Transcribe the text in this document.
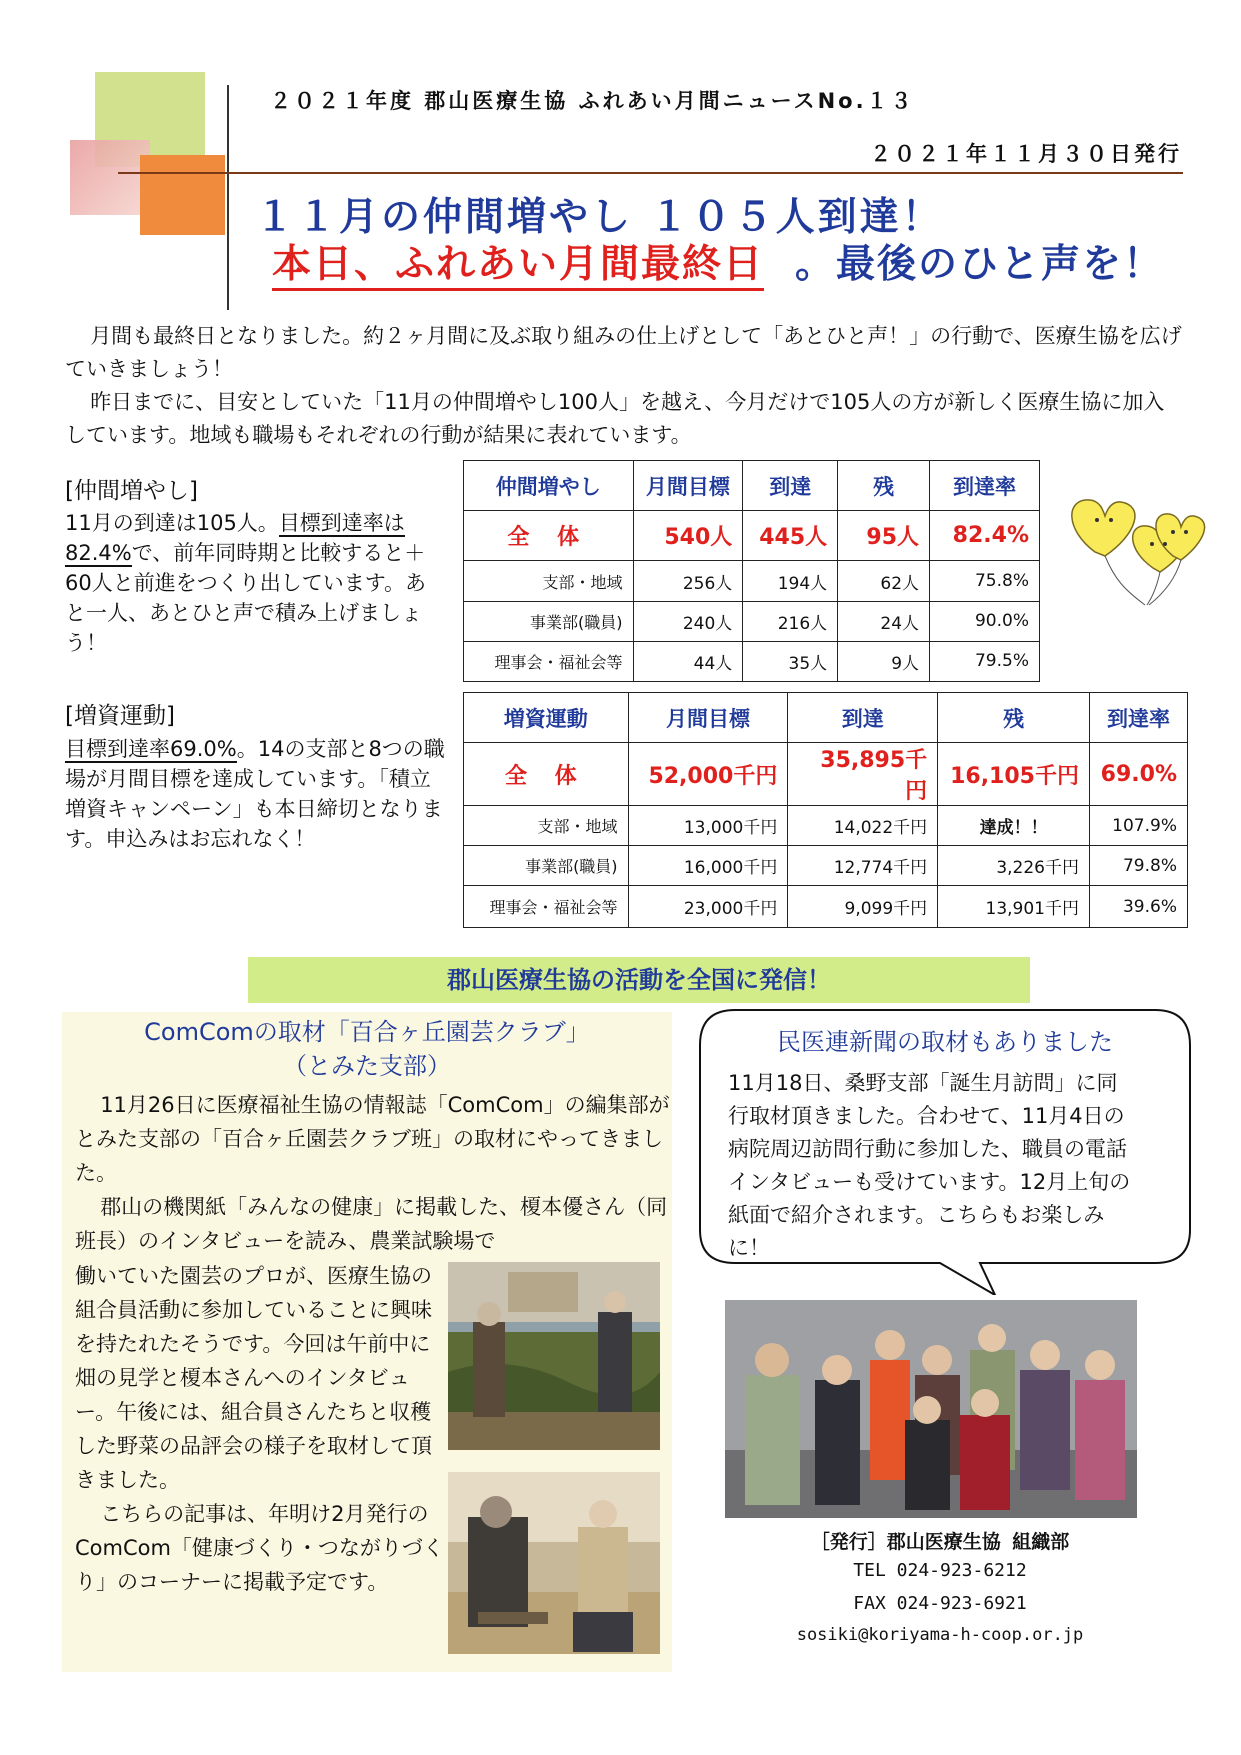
２０２１年度 郡山医療生協 ふれあい月間ニュースNo.１３
２０２１年１１月３０日発行
１１月の仲間増やし １０５人到達！
本日、ふれあい月間最終日 。最後のひと声を！

月間も最終日となりました。約２ヶ月間に及ぶ取り組みの仕上げとして「あとひと声！」の行動で、医療生協を広げていきましょう！

昨日までに、目安としていた「11月の仲間増やし100人」を越え、今月だけで105人の方が新しく医療生協に加入しています。地域も職場もそれぞれの行動が結果に表れています。

[仲間増やし]
11月の到達は105人。目標到達率は82.4%で、前年同時期と比較すると＋60人と前進をつくり出しています。あと一人、あとひと声で積み上げましょう！
仲間増やし	月間目標	到達	残	到達率
全 体	540人	445人	95人	82.4%
支部・地域	256人	194人	62人	75.8%
事業部(職員)	240人	216人	24人	90.0%
理事会・福祉会等	44人	35人	9人	79.5%
[増資運動]
目標到達率69.0%。14の支部と8つの職場が月間目標を達成しています。「積立増資キャンペーン」も本日締切となります。申込みはお忘れなく！
増資運動	月間目標	到達	残	到達率
全 体	52,000千円	35,895千円	16,105千円	69.0%
支部・地域	13,000千円	14,022千円	達成！！	107.9%
事業部(職員)	16,000千円	12,774千円	3,226千円	79.8%
理事会・福祉会等	23,000千円	9,099千円	13,901千円	39.6%
郡山医療生協の活動を全国に発信！
ComComの取材「百合ヶ丘園芸クラブ」
（とみた支部）

11月26日に医療福祉生協の情報誌「ComCom」の編集部がとみた支部の「百合ヶ丘園芸クラブ班」の取材にやってきました。

郡山の機関紙「みんなの健康」に掲載した、榎本優さん（同班長）のインタビューを読み、農業試験場で

働いていた園芸のプロが、医療生協の組合員活動に参加していることに興味を持たれたそうです。今回は午前中に畑の見学と榎本さんへのインタビュー。午後には、組合員さんたちと収穫した野菜の品評会の様子を取材して頂きました。

こちらの記事は、年明け2月発行のComCom「健康づくり・つながりづくり」のコーナーに掲載予定です。

民医連新聞の取材もありました
11月18日、桑野支部「誕生月訪問」に同行取材頂きました。合わせて、11月4日の病院周辺訪問行動に参加した、職員の電話インタビューも受けています。12月上旬の紙面で紹介されます。こちらもお楽しみに！
［発行］郡山医療生協 組織部
TEL 024-923-6212
FAX 024-923-6921
sosiki@koriyama-h-coop.or.jp
